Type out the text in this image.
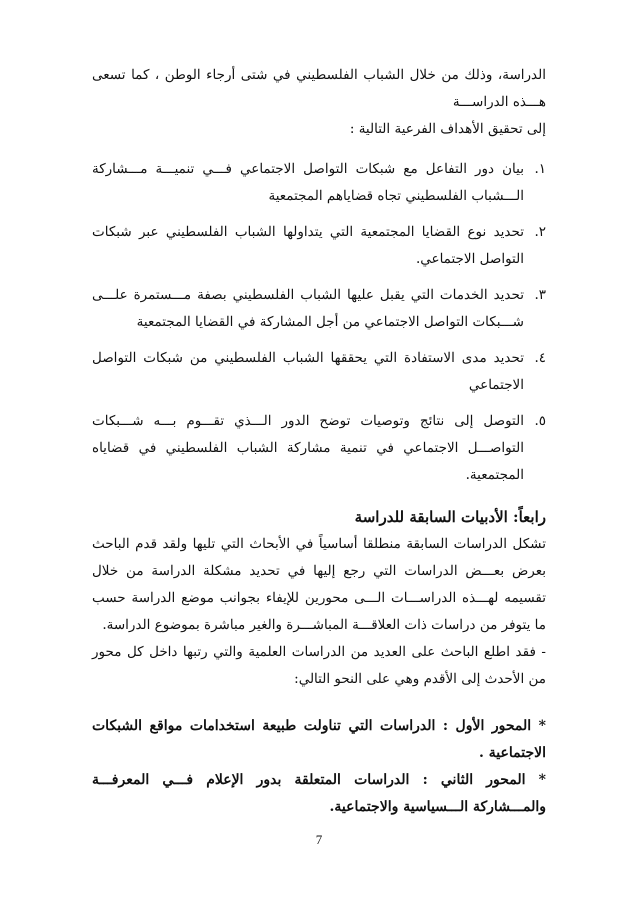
الدراسة، وذلك من خلال الشباب الفلسطيني في شتى أرجاء الوطن ، كما تسعى هـــذه الدراســـة
إلى تحقيق الأهداف الفرعية التالية :

١.
بيان دور التفاعل مع شبكات التواصل الاجتماعي فـــي تنميـــة مـــشاركة الـــشباب الفلسطيني تجاه قضاياهم المجتمعية
٢.
تحديد نوع القضايا المجتمعية التي يتداولها الشباب الفلسطيني عبر شبكات التواصل الاجتماعي.
٣.
تحديد الخدمات التي يقبل عليها الشباب الفلسطيني بصفة مـــستمرة علـــى شـــبكات التواصل الاجتماعي من أجل المشاركة في القضايا المجتمعية
٤.
تحديد مدى الاستفادة التي يحققها الشباب الفلسطيني من شبكات التواصل الاجتماعي
٥.
التوصل إلى نتائج وتوصيات توضح الدور الـــذي تقـــوم بـــه شـــبكات التواصـــل الاجتماعي في تنمية مشاركة الشباب الفلسطيني في قضاياه المجتمعية.
رابعاً: الأدبيات السابقة للدراسة

تشكل الدراسات السابقة منطلقا أساسياً في الأبحاث التي تليها ولقد قدم الباحث بعرض بعـــض الدراسات التي رجع إليها في تحديد مشكلة الدراسة من خلال تقسيمه لهـــذه الدراســـات الـــى محورين للإيفاء بجوانب موضع الدراسة حسب ما يتوفر من دراسات ذات العلاقـــة المباشـــرة والغير مباشرة بموضوع الدراسة.

- فقد اطلع الباحث على العديد من الدراسات العلمية والتي رتبها داخل كل محور من الأحدث إلى الأقدم وهي على النحو التالي:

* المحور الأول : الدراسات التي تناولت طبيعة استخدامات مواقع الشبكات الاجتماعية .

* المحور الثاني : الدراسات المتعلقة بدور الإعلام فـــي المعرفـــة والمـــشاركة الـــسياسية والاجتماعية.

7
